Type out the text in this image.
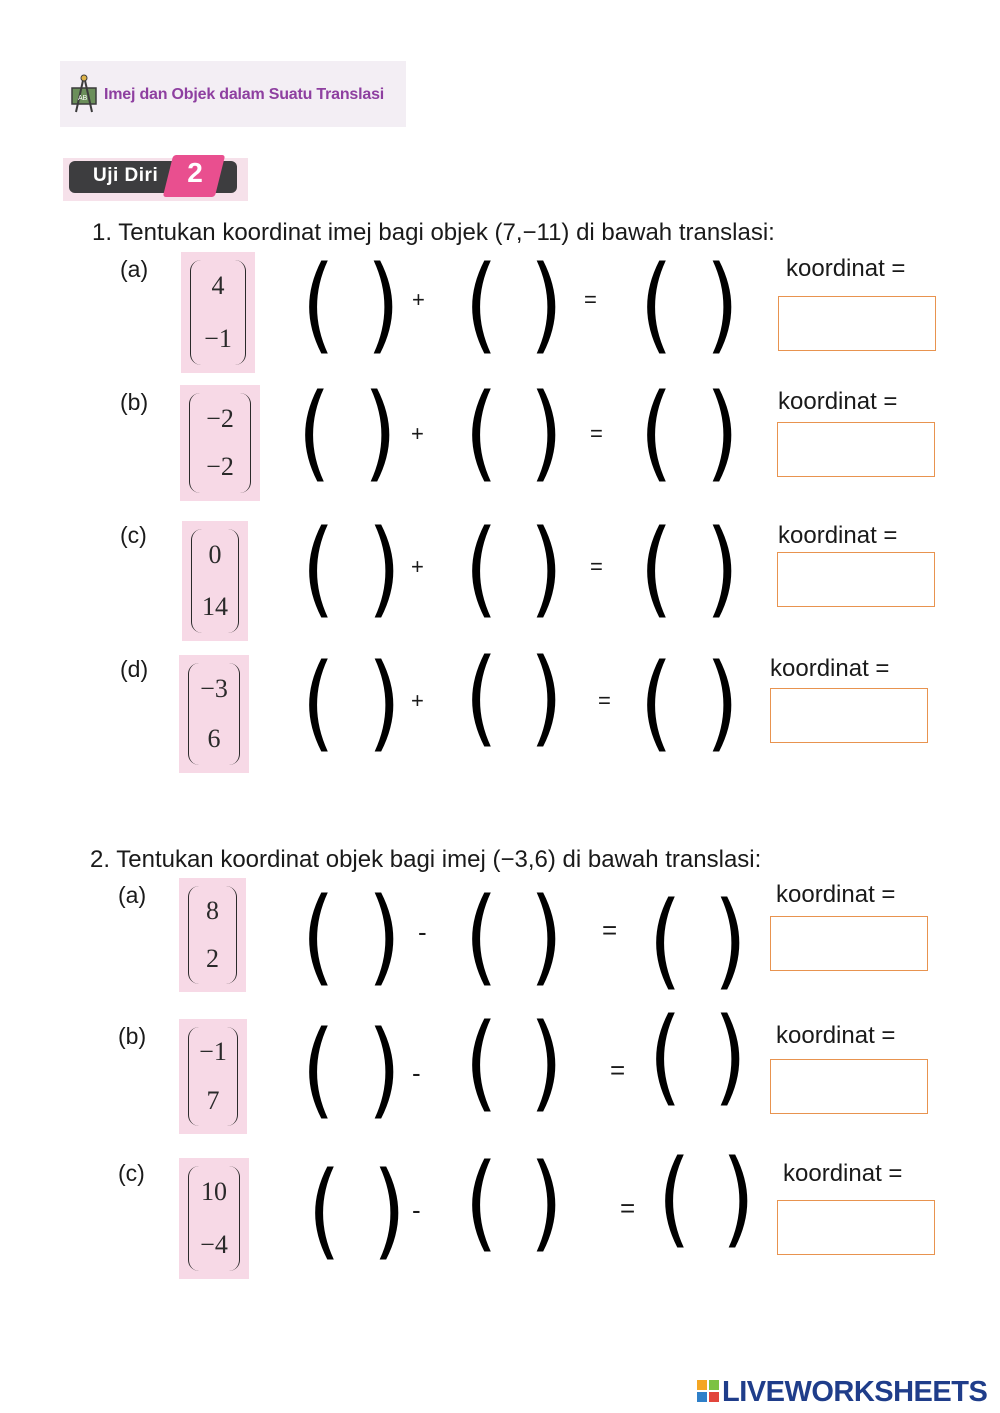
AB Imej dan Objek dalam Suatu Translasi
Uji Diri 2
1. Tentukan koordinat imej bagi objek (7,−11) di bawah translasi:
(a)
4
−1 ( ) + ( ) = ( ) koordinat =
(b)
−2
−2 ( ) + ( ) = ( ) koordinat =
(c)
0
14 ( ) + ( ) = ( ) koordinat =
(d)
−3
6 ( ) + ( ) = ( ) koordinat =
2. Tentukan koordinat objek bagi imej (−3,6) di bawah translasi:
(a)
8
2 ( ) - ( ) = ( ) koordinat =
(b)
−1
7 ( ) - ( ) = ( ) koordinat =
(c)
10
−4 ( ) - ( ) = ( ) koordinat =
LIVEWORKSHEETS
